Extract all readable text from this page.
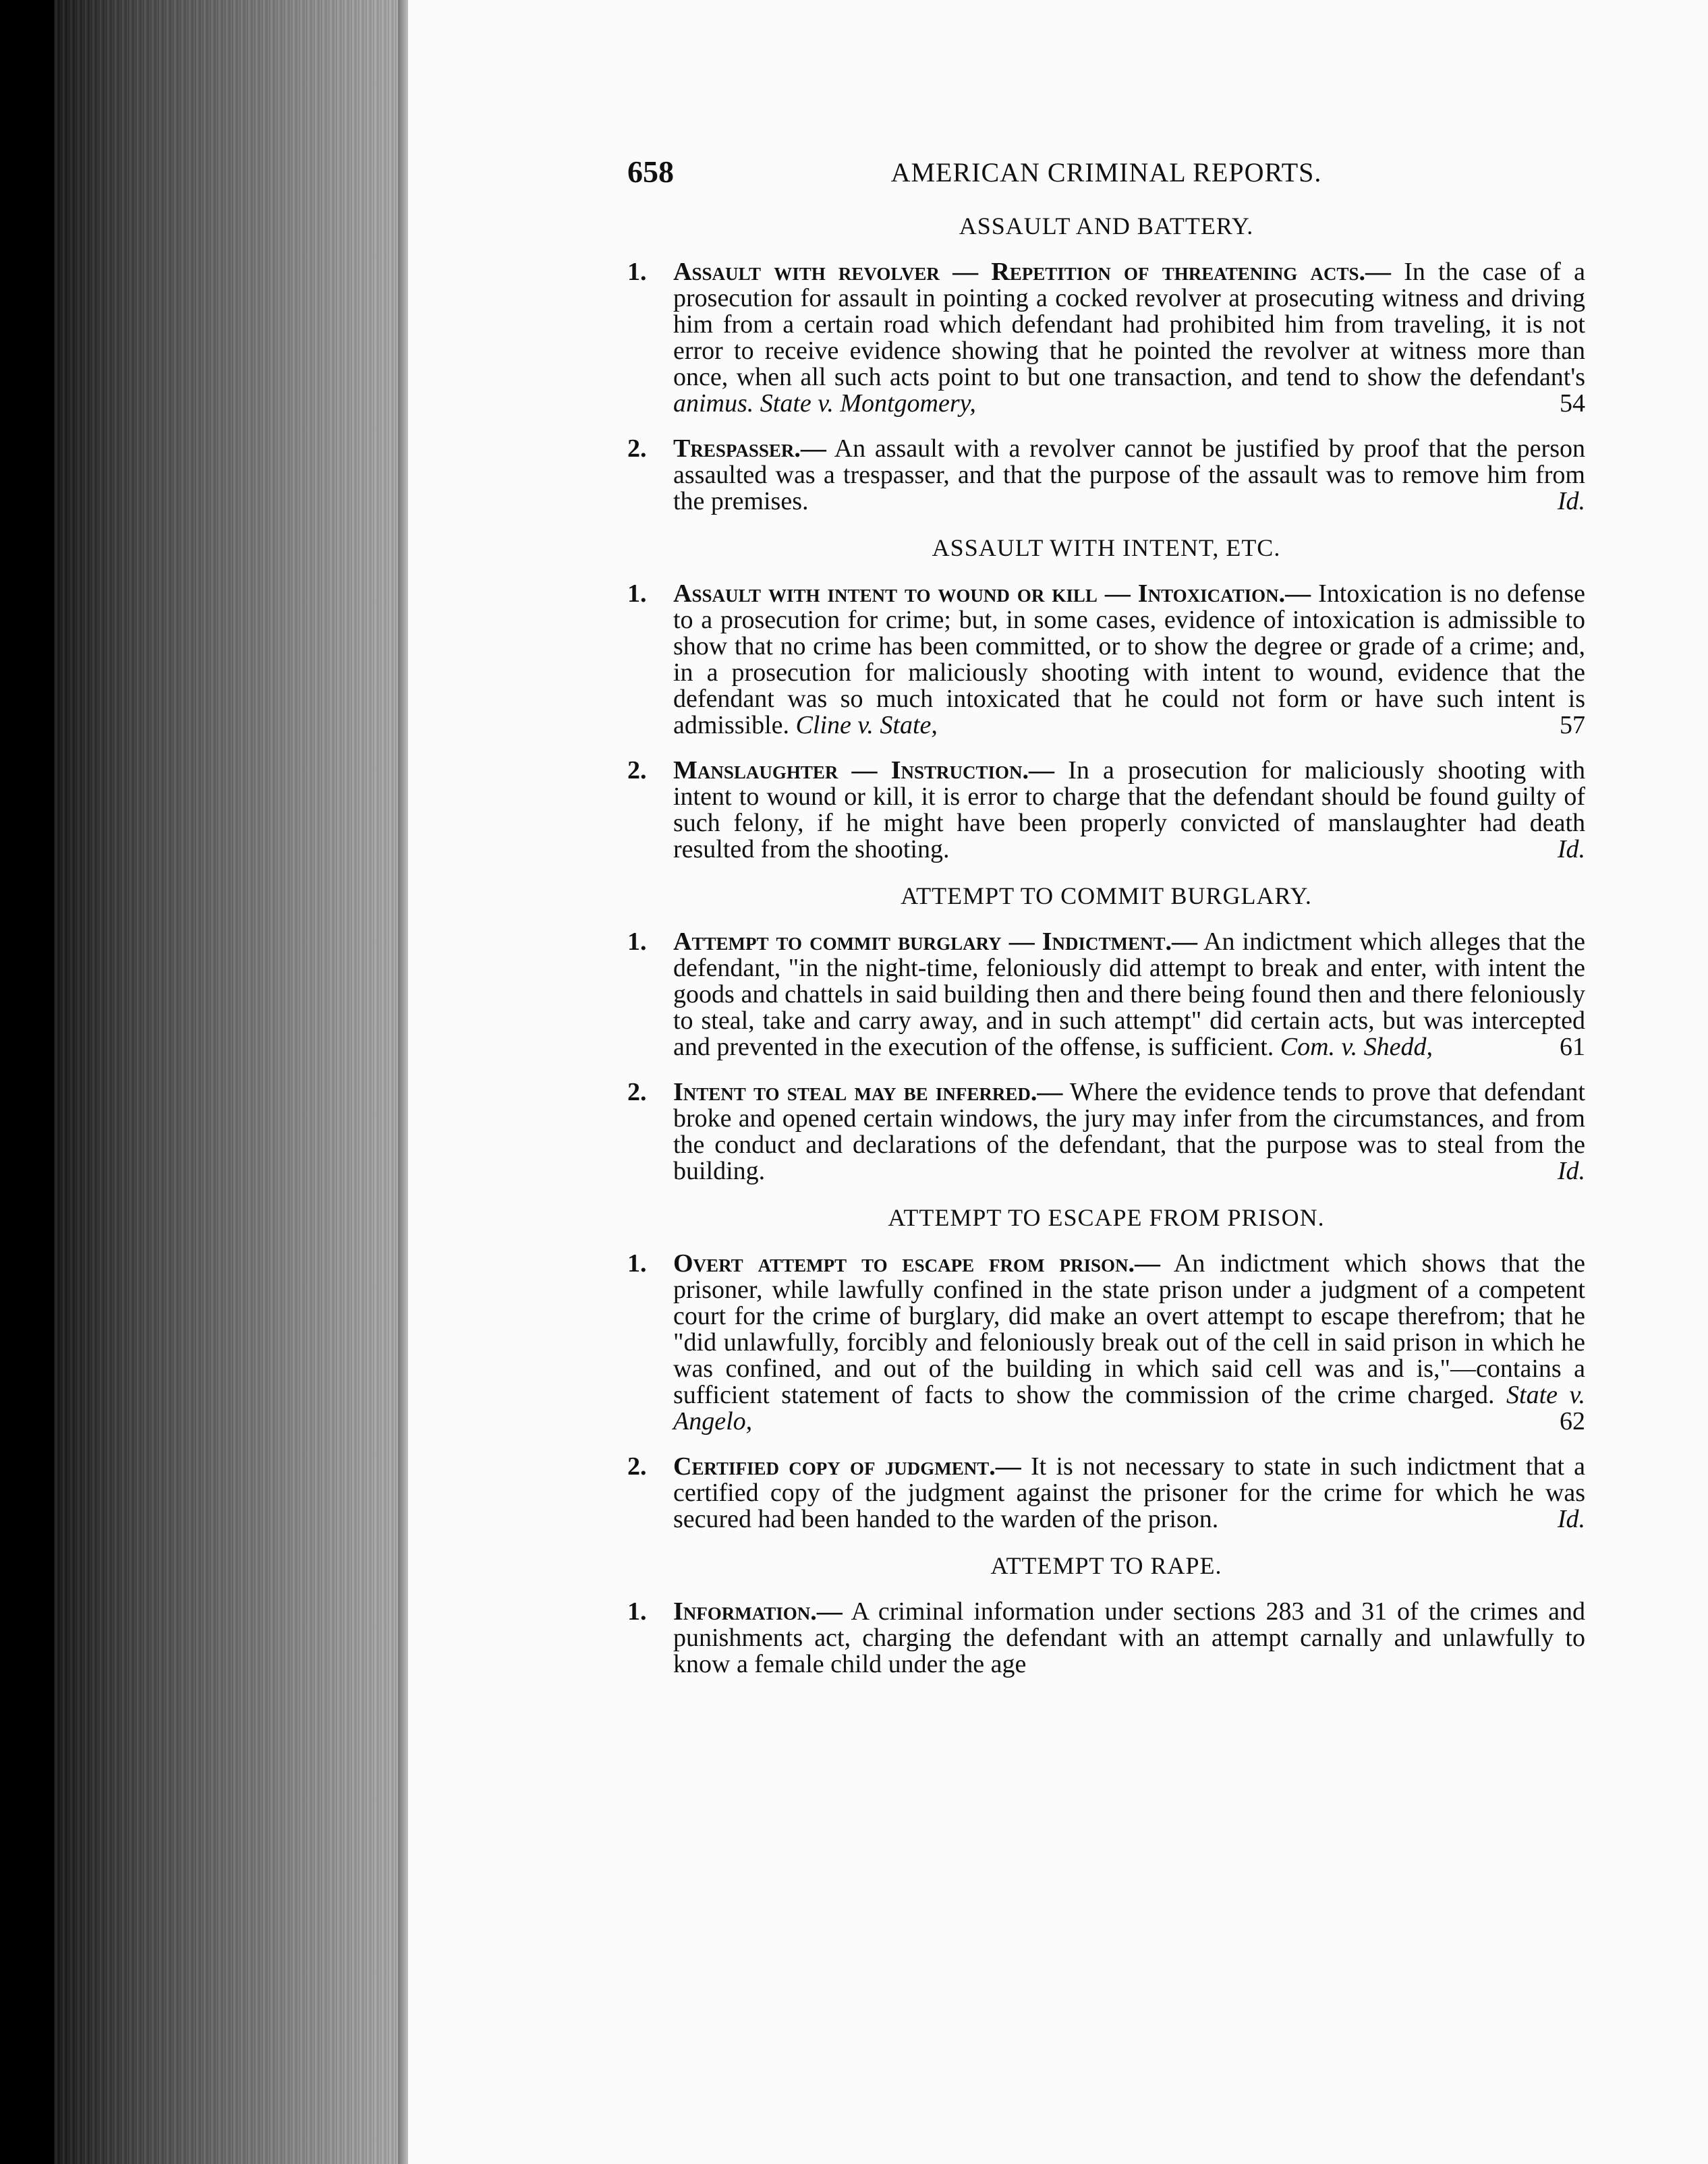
658	AMERICAN CRIMINAL REPORTS.
ASSAULT AND BATTERY.
1.	Assault with revolver — Repetition of threatening acts.— In the case of a prosecution for assault in pointing a cocked revolver at prosecuting witness and driving him from a certain road which defendant had prohibited him from traveling, it is not error to receive evidence showing that he pointed the revolver at witness more than once, when all such acts point to but one transaction, and tend to show the defendant's animus. State v. Montgomery,	54
2.	Trespasser.— An assault with a revolver cannot be justified by proof that the person assaulted was a trespasser, and that the purpose of the assault was to remove him from the premises.	Id.
ASSAULT WITH INTENT, ETC.
1.	Assault with intent to wound or kill — Intoxication.— Intoxication is no defense to a prosecution for crime; but, in some cases, evidence of intoxication is admissible to show that no crime has been committed, or to show the degree or grade of a crime; and, in a prosecution for maliciously shooting with intent to wound, evidence that the defendant was so much intoxicated that he could not form or have such intent is admissible. Cline v. State,	57
2.	Manslaughter — Instruction.— In a prosecution for maliciously shooting with intent to wound or kill, it is error to charge that the defendant should be found guilty of such felony, if he might have been properly convicted of manslaughter had death resulted from the shooting.	Id.
ATTEMPT TO COMMIT BURGLARY.
1.	Attempt to commit burglary — Indictment.— An indictment which alleges that the defendant, "in the night-time, feloniously did attempt to break and enter, with intent the goods and chattels in said building then and there being found then and there feloniously to steal, take and carry away, and in such attempt" did certain acts, but was intercepted and prevented in the execution of the offense, is sufficient. Com. v. Shedd,	61
2.	Intent to steal may be inferred.— Where the evidence tends to prove that defendant broke and opened certain windows, the jury may infer from the circumstances, and from the conduct and declarations of the defendant, that the purpose was to steal from the building.	Id.
ATTEMPT TO ESCAPE FROM PRISON.
1.	Overt attempt to escape from prison.— An indictment which shows that the prisoner, while lawfully confined in the state prison under a judgment of a competent court for the crime of burglary, did make an overt attempt to escape therefrom; that he "did unlawfully, forcibly and feloniously break out of the cell in said prison in which he was confined, and out of the building in which said cell was and is,"—contains a sufficient statement of facts to show the commission of the crime charged. State v. Angelo,	62
2.	Certified copy of judgment.— It is not necessary to state in such indictment that a certified copy of the judgment against the prisoner for the crime for which he was secured had been handed to the warden of the prison.	Id.
ATTEMPT TO RAPE.
1.	Information.— A criminal information under sections 283 and 31 of the crimes and punishments act, charging the defendant with an attempt carnally and unlawfully to know a female child under the age
